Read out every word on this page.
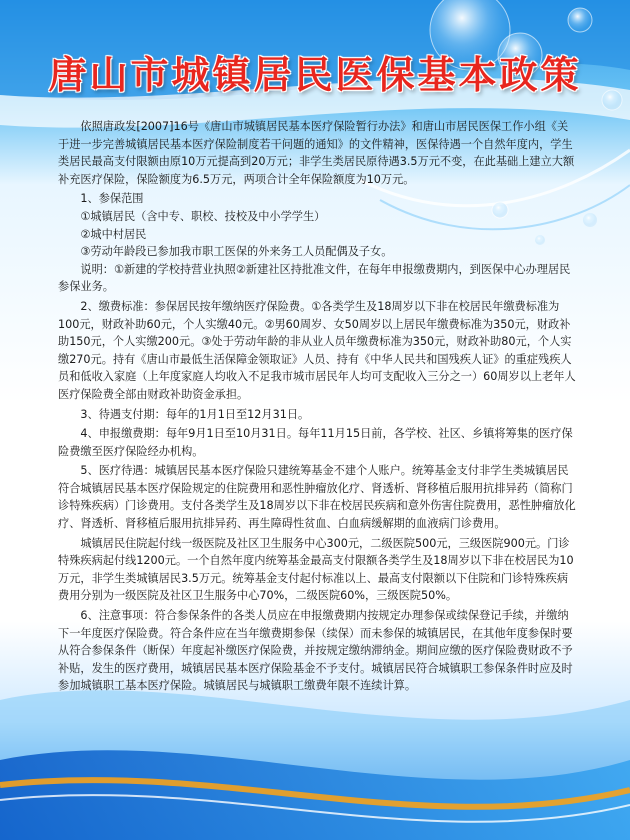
唐山市城镇居民医保基本政策

依照唐政发[2007]16号《唐山市城镇居民基本医疗保险暂行办法》和唐山市居民医保工作小组《关于进一步完善城镇居民基本医疗保险制度若干问题的通知》的文件精神，医保待遇一个自然年度内，学生类居民最高支付限额由原10万元提高到20万元；非学生类居民原待遇3.5万元不变，在此基础上建立大额补充医疗保险，保险额度为6.5万元，两项合计全年保险额度为10万元。

1、参保范围

①城镇居民（含中专、职校、技校及中小学学生）

②城中村居民

③劳动年龄段已参加我市职工医保的外来务工人员配偶及子女。

说明：①新建的学校持营业执照②新建社区持批准文件，在每年申报缴费期内，到医保中心办理居民参保业务。

2、缴费标准：参保居民按年缴纳医疗保险费。①各类学生及18周岁以下非在校居民年缴费标准为100元，财政补助60元，个人实缴40元。②男60周岁、女50周岁以上居民年缴费标准为350元，财政补助150元，个人实缴200元。③处于劳动年龄的非从业人员年缴费标准为350元，财政补助80元，个人实缴270元。持有《唐山市最低生活保障金领取证》人员、持有《中华人民共和国残疾人证》的重症残疾人员和低收入家庭（上年度家庭人均收入不足我市城市居民年人均可支配收入三分之一）60周岁以上老年人医疗保险费全部由财政补助资金承担。

3、待遇支付期：每年的1月1日至12月31日。

4、申报缴费期：每年9月1日至10月31日。每年11月15日前，各学校、社区、乡镇将筹集的医疗保险费缴至医疗保险经办机构。

5、医疗待遇：城镇居民基本医疗保险只建统筹基金不建个人账户。统筹基金支付非学生类城镇居民符合城镇居民基本医疗保险规定的住院费用和恶性肿瘤放化疗、肾透析、肾移植后服用抗排异药（简称门诊特殊疾病）门诊费用。支付各类学生及18周岁以下非在校居民疾病和意外伤害住院费用，恶性肿瘤放化疗、肾透析、肾移植后服用抗排异药、再生障碍性贫血、白血病缓解期的血液病门诊费用。

城镇居民住院起付线一级医院及社区卫生服务中心300元，二级医院500元，三级医院900元。门诊特殊疾病起付线1200元。一个自然年度内统筹基金最高支付限额各类学生及18周岁以下非在校居民为10万元，非学生类城镇居民3.5万元。统筹基金支付起付标准以上、最高支付限额以下住院和门诊特殊疾病费用分别为一级医院及社区卫生服务中心70%，二级医院60%，三级医院50%。

6、注意事项：符合参保条件的各类人员应在申报缴费期内按规定办理参保或续保登记手续，并缴纳下一年度医疗保险费。符合条件应在当年缴费期参保（续保）而未参保的城镇居民，在其他年度参保时要从符合参保条件（断保）年度起补缴医疗保险费，并按规定缴纳滞纳金。期间应缴的医疗保险费财政不予补贴，发生的医疗费用，城镇居民基本医疗保险基金不予支付。城镇居民符合城镇职工参保条件时应及时参加城镇职工基本医疗保险。城镇居民与城镇职工缴费年限不连续计算。
